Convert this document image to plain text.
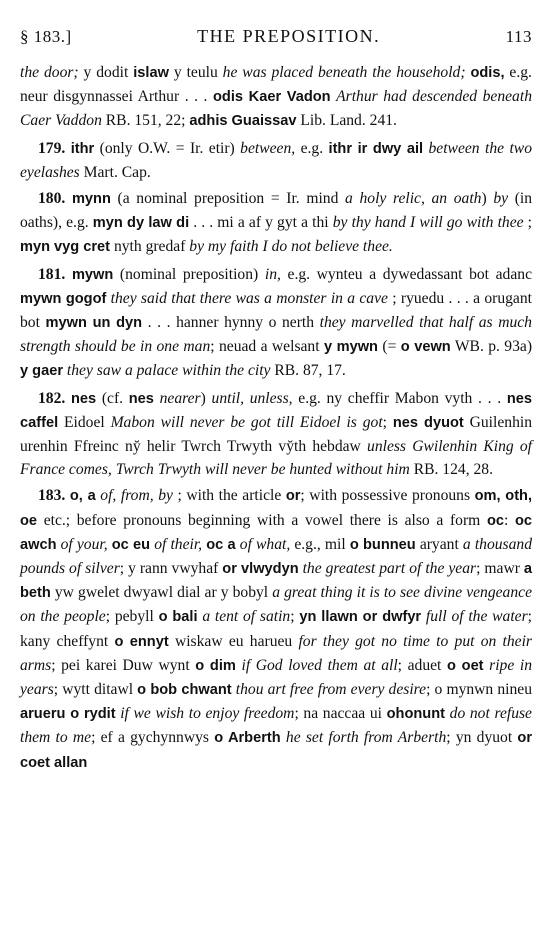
§ 183.]	THE PREPOSITION.	113

the door; y dodit islaw y teulu he was placed beneath the household; odis, e.g. neur disgynnassei Arthur . . . odis Kaer Vadon Arthur had descended beneath Caer Vaddon RB. 151, 22; adhis Guaissav Lib. Land. 241.

179. ithr (only O.W. = Ir. etir) between, e.g. ithr ir dwy ail between the two eyelashes Mart. Cap.

180. mynn (a nominal preposition = Ir. mind a holy relic, an oath) by (in oaths), e.g. myn dy law di . . . mi a af y gyt a thi by thy hand I will go with thee ; myn vyg cret nyth gredaf by my faith I do not believe thee.

181. mywn (nominal preposition) in, e.g. wynteu a dywedassant bot adanc mywn gogof they said that there was a monster in a cave ; ryuedu . . . a orugant bot mywn un dyn . . . hanner hynny o nerth they marvelled that half as much strength should be in one man; neuad a welsant y mywn (= o vewn WB. p. 93a) y gaer they saw a palace within the city RB. 87, 17.

182. nes (cf. nes nearer) until, unless, e.g. ny cheffir Mabon vyth . . . nes caffel Eidoel Mabon will never be got till Eidoel is got; nes dyuot Guilenhin urenhin Ffreinc ny̆ helir Twrch Trwyth vy̆th hebdaw unless Gwilenhin King of France comes, Twrch Trwyth will never be hunted without him RB. 124, 28.

183. o, a of, from, by ; with the article or; with possessive pronouns om, oth, oe etc.; before pronouns beginning with a vowel there is also a form oc: oc awch of your, oc eu of their, oc a of what, e.g., mil o bunneu aryant a thousand pounds of silver; y rann vwyhaf or vlwydyn the greatest part of the year; mawr a beth yw gwelet dwyawl dial ar y bobyl a great thing it is to see divine vengeance on the people; pebyll o bali a tent of satin; yn llawn or dwfyr full of the water; kany cheffynt o ennyt wiskaw eu harueu for they got no time to put on their arms; pei karei Duw wynt o dim if God loved them at all; aduet o oet ripe in years; wytt ditawl o bob chwant thou art free from every desire; o mynwn nineu arueru o rydit if we wish to enjoy freedom; na naccaa ui ohonunt do not refuse them to me; ef a gychynnwys o Arberth he set forth from Arberth; yn dyuot or coet allan
